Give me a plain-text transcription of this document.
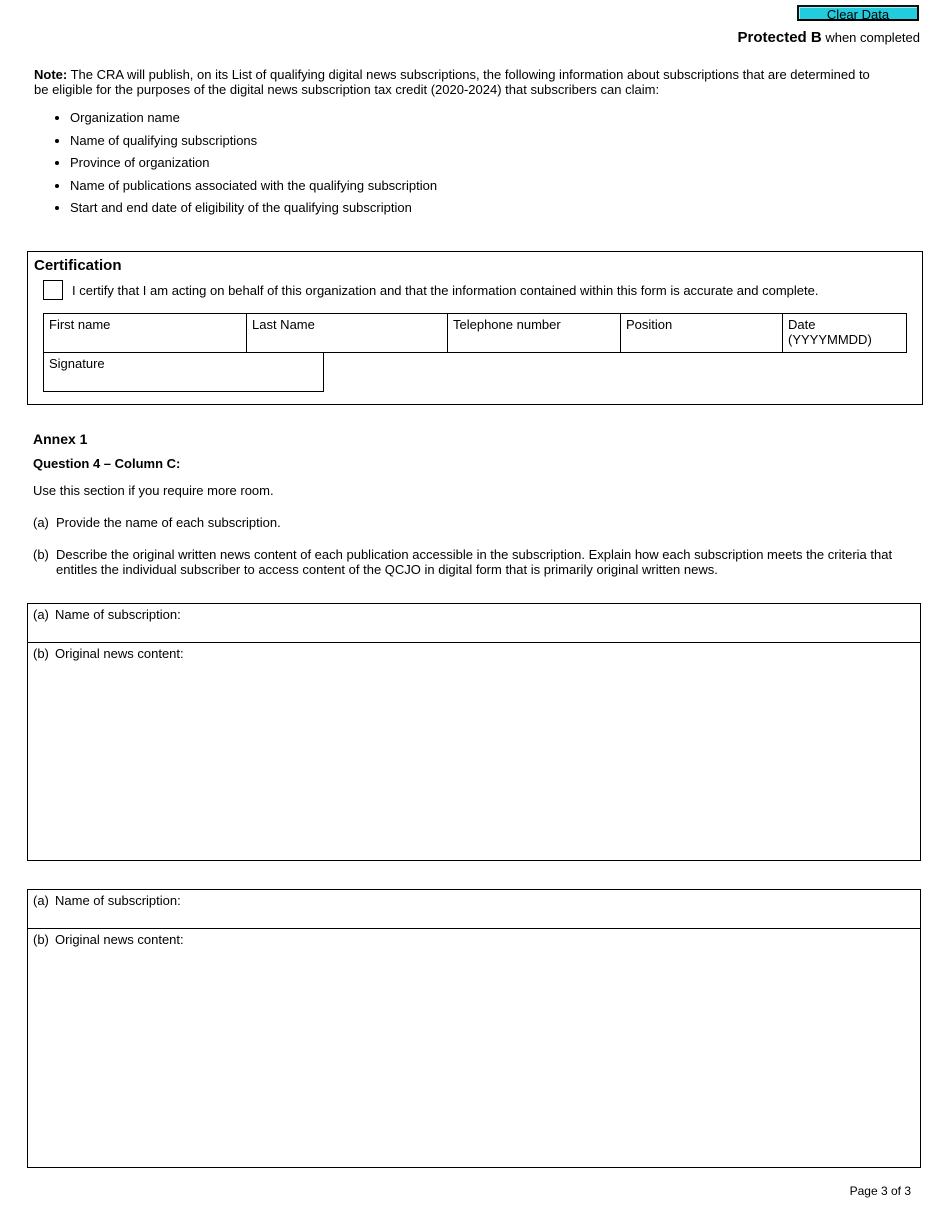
Clear Data
Protected B when completed
Note: The CRA will publish, on its List of qualifying digital news subscriptions, the following information about subscriptions that are determined to be eligible for the purposes of the digital news subscription tax credit (2020-2024) that subscribers can claim:
• Organization name
• Name of qualifying subscriptions
• Province of organization
• Name of publications associated with the qualifying subscription
• Start and end date of eligibility of the qualifying subscription
Certification
I certify that I am acting on behalf of this organization and that the information contained within this form is accurate and complete.
First name	Last Name	Telephone number	Position	Date (YYYYMMDD)
Signature
Annex 1
Question 4 – Column C:
Use this section if you require more room.
(a) Provide the name of each subscription.
(b) Describe the original written news content of each publication accessible in the subscription. Explain how each subscription meets the criteria that entitles the individual subscriber to access content of the QCJO in digital form that is primarily original written news.
(a) Name of subscription:
(b) Original news content:
(a) Name of subscription:
(b) Original news content:
Page 3 of 3
